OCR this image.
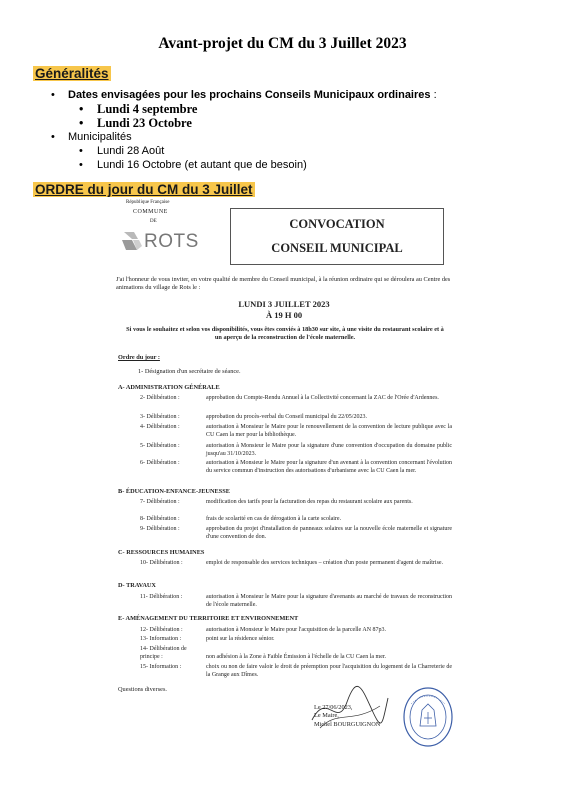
Avant-projet du CM du 3 Juillet 2023
Généralités
• Dates envisagées pour les prochains Conseils Municipaux ordinaires :
• Lundi 4 septembre
• Lundi 23 Octobre
• Municipalités
• Lundi 28 Août
• Lundi 16 Octobre (et autant que de besoin)
ORDRE du jour du CM du 3 Juillet
République Française
COMMUNE
DE
ROTS
CONVOCATION
CONSEIL MUNICIPAL
J'ai l'honneur de vous inviter, en votre qualité de membre du Conseil municipal, à la réunion ordinaire qui se déroulera au Centre des animations du village de Rots le :
LUNDI 3 JUILLET 2023
À 19 H 00
Si vous le souhaitez et selon vos disponibilités, vous êtes conviés à 18h30 sur site, à une visite du restaurant scolaire et à un aperçu de la reconstruction de l'école maternelle.
Ordre du jour :
1- Désignation d'un secrétaire de séance.
A- ADMINISTRATION GÉNÉRALE
2- Délibération :	approbation du Compte-Rendu Annuel à la Collectivité concernant la ZAC de l'Orée d'Ardennes.
3- Délibération :	approbation du procès-verbal du Conseil municipal du 22/05/2023.
4- Délibération :	autorisation à Monsieur le Maire pour le renouvellement de la convention de lecture publique avec la CU Caen la mer pour la bibliothèque.
5- Délibération :	autorisation à Monsieur le Maire pour la signature d'une convention d'occupation du domaine public jusqu'au 31/10/2023.
6- Délibération :	autorisation à Monsieur le Maire pour la signature d'un avenant à la convention concernant l'évolution du service commun d'instruction des autorisations d'urbanisme avec la CU Caen la mer.
B- ÉDUCATION-ENFANCE-JEUNESSE
7- Délibération :	modification des tarifs pour la facturation des repas du restaurant scolaire aux parents.
8- Délibération :	frais de scolarité en cas de dérogation à la carte scolaire.
9- Délibération :	approbation du projet d'installation de panneaux solaires sur la nouvelle école maternelle et signature d'une convention de don.
C- RESSOURCES HUMAINES
10- Délibération :	emploi de responsable des services techniques – création d'un poste permanent d'agent de maîtrise.
D- TRAVAUX
11- Délibération :	autorisation à Monsieur le Maire pour la signature d'avenants au marché de travaux de reconstruction de l'école maternelle.
E- AMÉNAGEMENT DU TERRITOIRE ET ENVIRONNEMENT
12- Délibération :	autorisation à Monsieur le Maire pour l'acquisition de la parcelle AN 87p3.
13- Information :	point sur la résidence sénior.
14- Délibération de principe :	non adhésion à la Zone à Faible Émission à l'échelle de la CU Caen la mer.
15- Information :	choix ou non de faire valoir le droit de préemption pour l'acquisition du logement de la Charreterie de la Grange aux Dîmes.
Questions diverses.
Le 27/06/2023,
Le Maire,
Michel BOURGUIGNON
